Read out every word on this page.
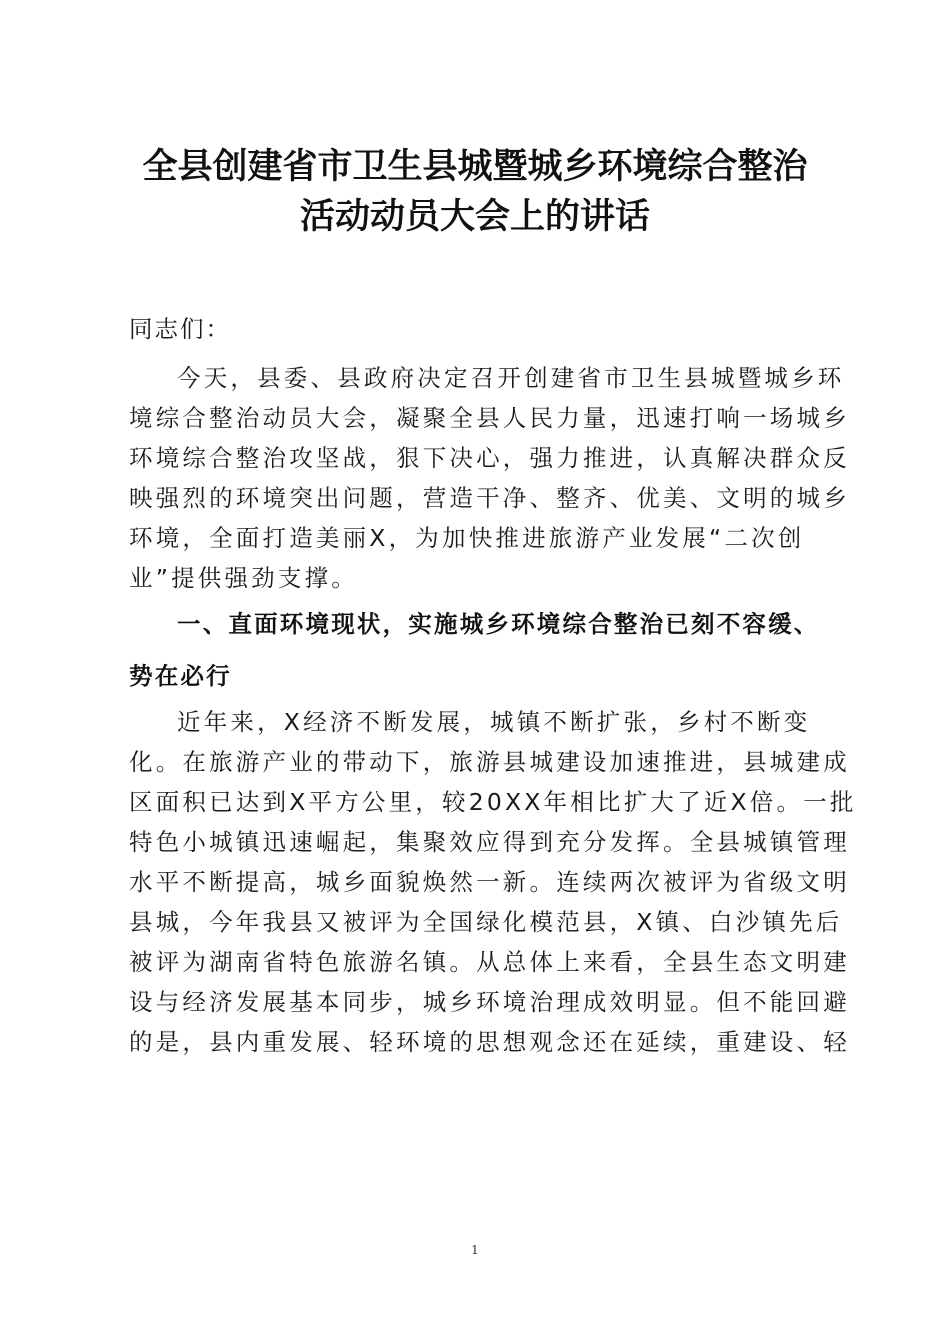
全县创建省市卫生县城暨城乡环境综合整治
活动动员大会上的讲话

同志们：

今天，县委、县政府决定召开创建省市卫生县城暨城乡环
境综合整治动员大会，凝聚全县人民力量，迅速打响一场城乡
环境综合整治攻坚战，狠下决心，强力推进，认真解决群众反
映强烈的环境突出问题，营造干净、整齐、优美、文明的城乡
环境，全面打造美丽X，为加快推进旅游产业发展“二次创
业”提供强劲支撑。

一、直面环境现状，实施城乡环境综合整治已刻不容缓、
势在必行

近年来，X经济不断发展，城镇不断扩张，乡村不断变
化。在旅游产业的带动下，旅游县城建设加速推进，县城建成
区面积已达到X平方公里，较20XX年相比扩大了近X倍。一批
特色小城镇迅速崛起，集聚效应得到充分发挥。全县城镇管理
水平不断提高，城乡面貌焕然一新。连续两次被评为省级文明
县城，今年我县又被评为全国绿化模范县，X镇、白沙镇先后
被评为湖南省特色旅游名镇。从总体上来看，全县生态文明建
设与经济发展基本同步，城乡环境治理成效明显。但不能回避
的是，县内重发展、轻环境的思想观念还在延续，重建设、轻

1
